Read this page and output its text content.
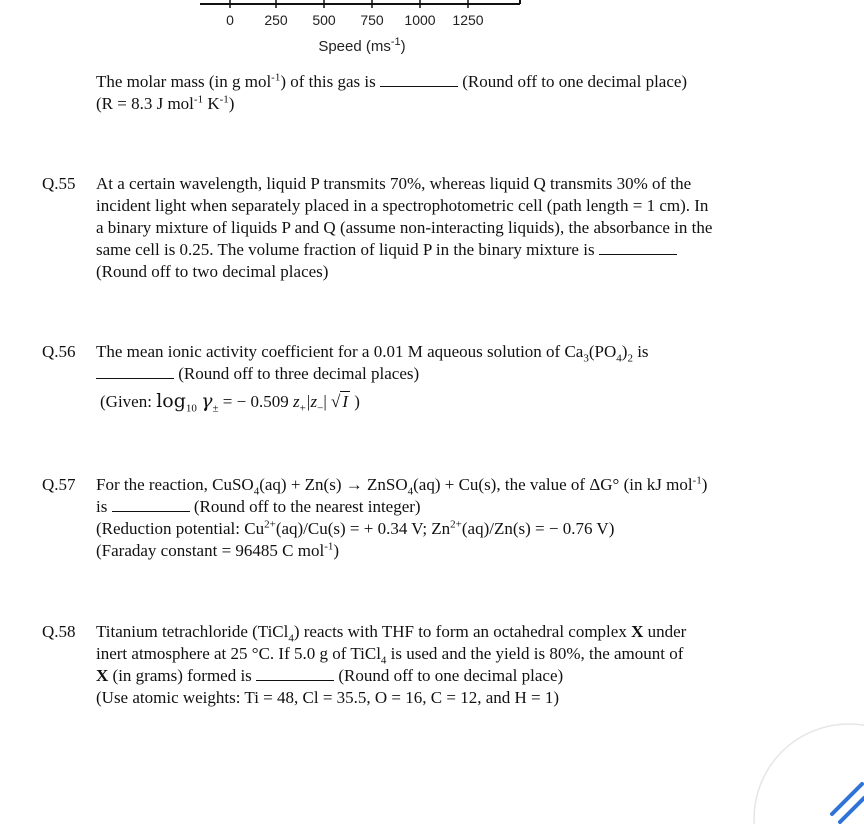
0 250 500 750 1000 1250
Speed $(ms^{-1})$
The molar mass (in g mol$^{-1}$) of this gas is	(Round off to one decimal place)
(R = 8.3 J mol$^{-1}$ $K^{-1}$)
Q.55 At a certain wavelength, liquid P transmits 70%, whereas liquid Q transmits 30% of the
incident light when separately placed in a spectrophotometric cell (path length = 1 cm). In
a binary mixture of liquids P and Q (assume non-interacting liquids), the absorbance in the
same cell is 0.25. The volume fraction of liquid P in the binary mixture is
(Round off to two decimal places)
Q.56 The mean ionic activity coefficient for a 0.01 M aqueous solution of $Ca_3(PO_4)_2$ is
(Round off to three decimal places)
(Given: $\log_{10} \gamma_\pm$ = − 0.509 $z_+|z_-|$ √ I )
Q.57 For the reaction, CuSO$_4$(aq) + Zn(s) → ZnSO$_4$(aq) + Cu(s), the value of ΔG° (in kJ mol$^{-1}$)
is	(Round off to the nearest integer)
(Reduction potential: $Cu^{2+}(aq)/Cu(s)$ = + 0.34 V; $Zn^{2+}(aq)/Zn(s)$ = − 0.76 V)
(Faraday constant = 96485 C mol$^{-1}$)
Q.58 Titanium tetrachloride (TiCl$_4$) reacts with THF to form an octahedral complex X under
inert atmosphere at 25 °C. If 5.0 g of TiCl$_4$ is used and the yield is 80%, the amount of
X (in grams) formed is	(Round off to one decimal place)
(Use atomic weights: Ti = 48, Cl = 35.5, O = 16, C = 12, and H = 1)
